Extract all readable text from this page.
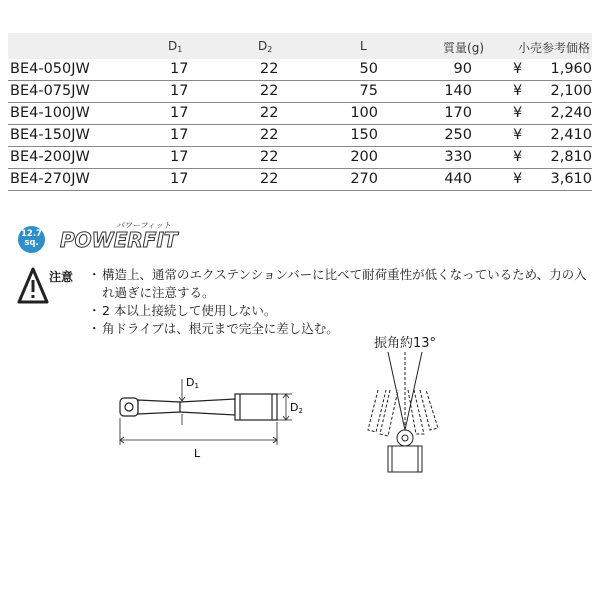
$D_1$	$D_2$	L	質量(g)	小売参考価格
BE4-050JW	17	22	50	90	¥ 1,960
BE4-075JW	17	22	75	140	¥ 2,100
BE4-100JW	17	22	100	170	¥ 2,240
BE4-150JW	17	22	150	250	¥ 2,410
BE4-200JW	17	22	200	330	¥ 2,810
BE4-270JW	17	22	270	440	¥ 3,610
12.7
sq.	POWERFIT
パワーフィット
注意
・	構造上、通常のエクステンションバーに比べて耐荷重性が低くなっているため、力の入れ過ぎに注意する。
・ 2 本以上接続して使用しない。
・ 角ドライブは、根元まで完全に差し込む。
D1
D2
L
振角約13°
